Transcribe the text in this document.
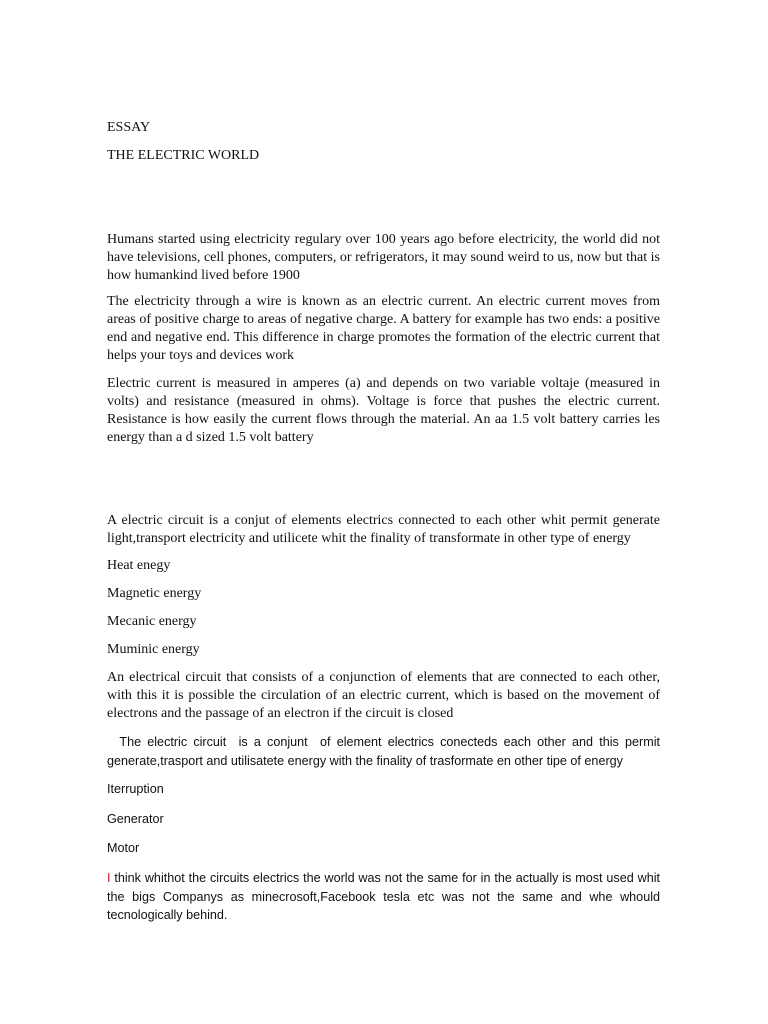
ESSAY

THE ELECTRIC WORLD

Humans started using electricity regulary over 100 years ago before electricity, the world did not have televisions, cell phones, computers, or refrigerators, it may sound weird to us, now but that is how humankind lived before 1900

The electricity through a wire is known as an electric current. An electric current moves from areas of positive charge to areas of negative charge. A battery for example has two ends: a positive end and negative end. This difference in charge promotes the formation of the electric current that helps your toys and devices work

Electric current is measured in amperes (a) and depends on two variable voltaje (measured in volts) and resistance (measured in ohms). Voltage is force that pushes the electric current. Resistance is how easily the current flows through the material. An aa 1.5 volt battery carries les energy than a d sized 1.5 volt battery

A electric circuit is a conjut of elements electrics connected to each other whit permit generate light,transport electricity and utilicete whit the finality of transformate in other type of energy

Heat enegy

Magnetic energy

Mecanic energy

Muminic energy

An electrical circuit that consists of a conjunction of elements that are connected to each other, with this it is possible the circulation of an electric current, which is based on the movement of electrons and the passage of an electron if the circuit is closed

The electric circuit  is a conjunt  of element electrics conecteds each other and this permit generate,trasport and utilisatete energy with the finality of trasformate en other tipe of energy

Iterruption

Generator

Motor

I think whithot the circuits electrics the world was not the same for in the actually is most used whit the bigs Companys as minecrosoft,Facebook tesla etc was not the same and whe whould tecnologically behind.
